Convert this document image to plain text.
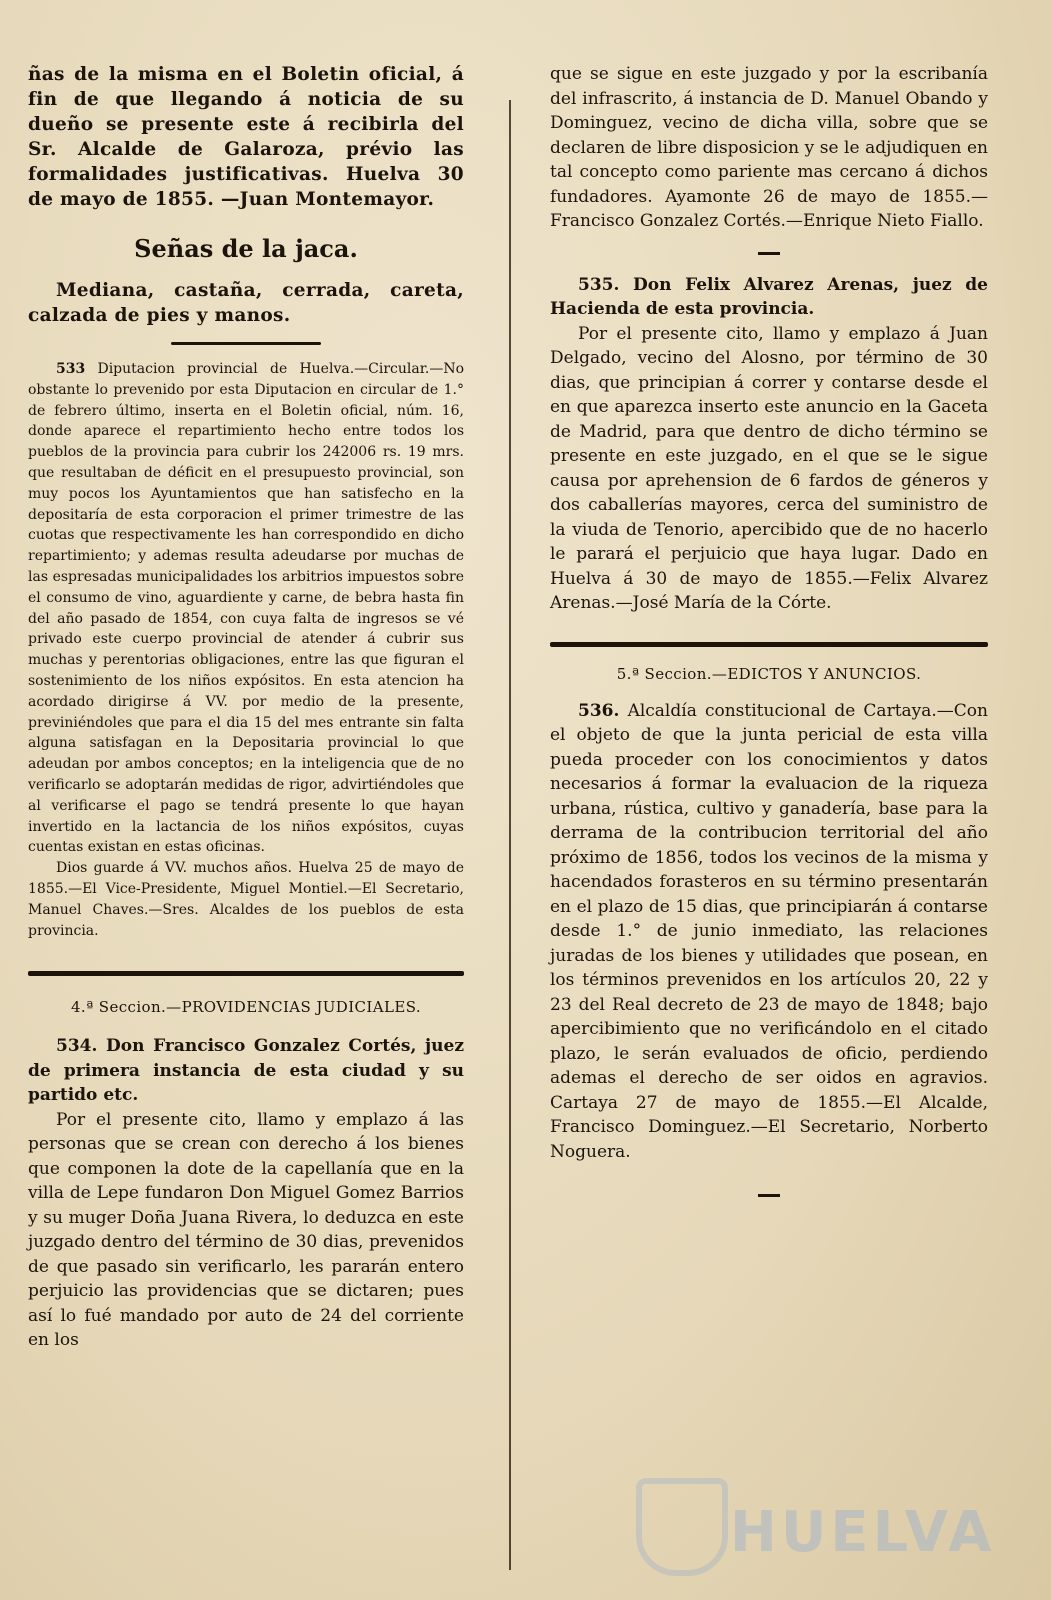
ñas de la misma en el Boletin oficial, á fin de que llegando á noticia de su dueño se presente este á recibirla del Sr. Alcalde de Galaroza, prévio las formalidades justificativas. Huelva 30 de mayo de 1855. —Juan Montemayor.

Señas de la jaca.

Mediana, castaña, cerrada, careta, calzada de pies y manos.

533 Diputacion provincial de Huelva.—Circular.—No obstante lo prevenido por esta Diputacion en circular de 1.° de febrero último, inserta en el Boletin oficial, núm. 16, donde aparece el repartimiento hecho entre todos los pueblos de la provincia para cubrir los 242006 rs. 19 mrs. que resultaban de déficit en el presupuesto provincial, son muy pocos los Ayuntamientos que han satisfecho en la depositaría de esta corporacion el primer trimestre de las cuotas que respectivamente les han correspondido en dicho repartimiento; y ademas resulta adeudarse por muchas de las espresadas municipalidades los arbitrios impuestos sobre el consumo de vino, aguardiente y carne, de bebra hasta fin del año pasado de 1854, con cuya falta de ingresos se vé privado este cuerpo provincial de atender á cubrir sus muchas y perentorias obligaciones, entre las que figuran el sostenimiento de los niños expósitos. En esta atencion ha acordado dirigirse á VV. por medio de la presente, previniéndoles que para el dia 15 del mes entrante sin falta alguna satisfagan en la Depositaria provincial lo que adeudan por ambos conceptos; en la inteligencia que de no verificarlo se adoptarán medidas de rigor, advirtiéndoles que al verificarse el pago se tendrá presente lo que hayan invertido en la lactancia de los niños expósitos, cuyas cuentas existan en estas oficinas.

Dios guarde á VV. muchos años. Huelva 25 de mayo de 1855.—El Vice-Presidente, Miguel Montiel.—El Secretario, Manuel Chaves.—Sres. Alcaldes de los pueblos de esta provincia.

4.ª Seccion.—PROVIDENCIAS JUDICIALES.

534. Don Francisco Gonzalez Cortés, juez de primera instancia de esta ciudad y su partido etc.

Por el presente cito, llamo y emplazo á las personas que se crean con derecho á los bienes que componen la dote de la capellanía que en la villa de Lepe fundaron Don Miguel Gomez Barrios y su muger Doña Juana Rivera, lo deduzca en este juzgado dentro del término de 30 dias, prevenidos de que pasado sin verificarlo, les pararán entero perjuicio las providencias que se dictaren; pues así lo fué mandado por auto de 24 del corriente en los

que se sigue en este juzgado y por la escribanía del infrascrito, á instancia de D. Manuel Obando y Dominguez, vecino de dicha villa, sobre que se declaren de libre disposicion y se le adjudiquen en tal concepto como pariente mas cercano á dichos fundadores. Ayamonte 26 de mayo de 1855.—Francisco Gonzalez Cortés.—Enrique Nieto Fiallo.

535. Don Felix Alvarez Arenas, juez de Hacienda de esta provincia.

Por el presente cito, llamo y emplazo á Juan Delgado, vecino del Alosno, por término de 30 dias, que principian á correr y contarse desde el en que aparezca inserto este anuncio en la Gaceta de Madrid, para que dentro de dicho término se presente en este juzgado, en el que se le sigue causa por aprehension de 6 fardos de géneros y dos caballerías mayores, cerca del suministro de la viuda de Tenorio, apercibido que de no hacerlo le parará el perjuicio que haya lugar. Dado en Huelva á 30 de mayo de 1855.—Felix Alvarez Arenas.—José María de la Córte.

5.ª Seccion.—EDICTOS Y ANUNCIOS.

536. Alcaldía constitucional de Cartaya.—Con el objeto de que la junta pericial de esta villa pueda proceder con los conocimientos y datos necesarios á formar la evaluacion de la riqueza urbana, rústica, cultivo y ganadería, base para la derrama de la contribucion territorial del año próximo de 1856, todos los vecinos de la misma y hacendados forasteros en su término presentarán en el plazo de 15 dias, que principiarán á contarse desde 1.° de junio inmediato, las relaciones juradas de los bienes y utilidades que posean, en los términos prevenidos en los artículos 20, 22 y 23 del Real decreto de 23 de mayo de 1848; bajo apercibimiento que no verificándolo en el citado plazo, le serán evaluados de oficio, perdiendo ademas el derecho de ser oidos en agravios. Cartaya 27 de mayo de 1855.—El Alcalde, Francisco Dominguez.—El Secretario, Norberto Noguera.

HUELVA
